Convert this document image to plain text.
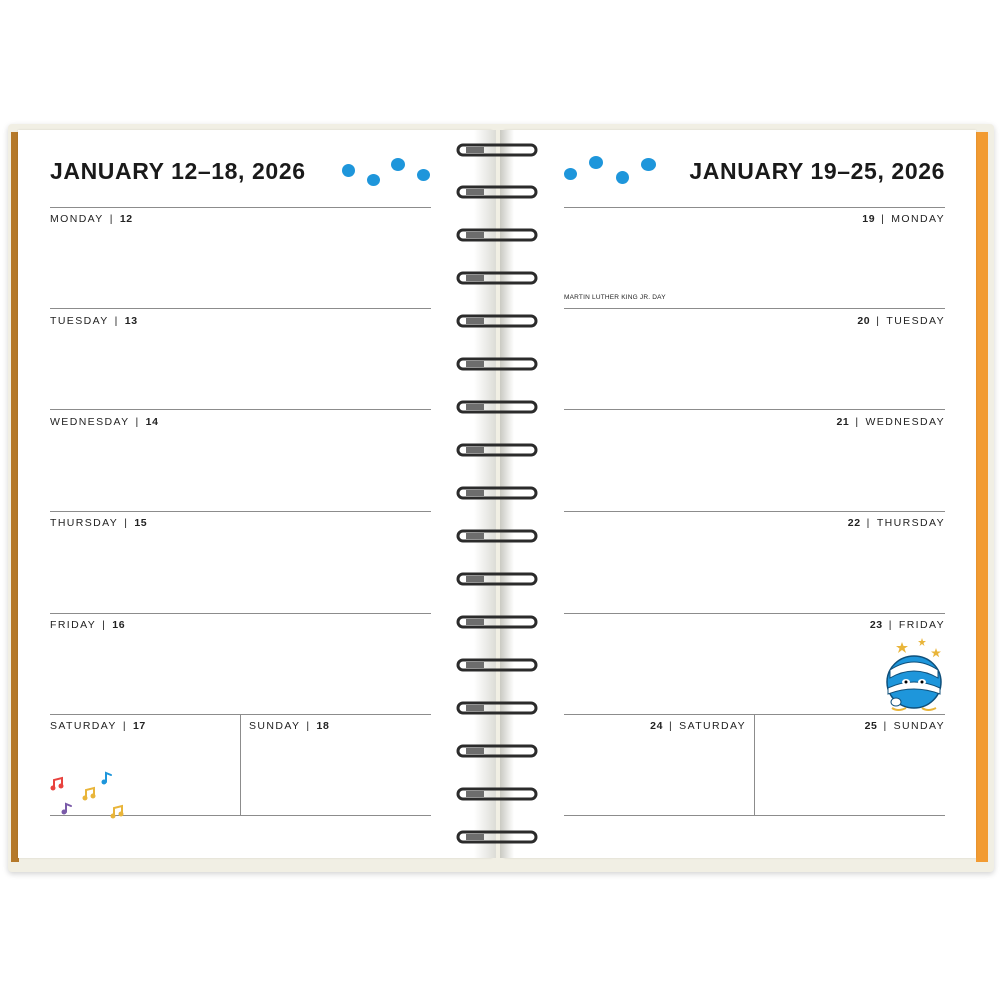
JANUARY 12–18, 2026	JANUARY 19–25, 2026
MONDAY | 12
TUESDAY | 13
WEDNESDAY | 14
THURSDAY | 15
FRIDAY | 16
SATURDAY | 17	SUNDAY | 18
19 | MONDAY
MARTIN LUTHER KING JR. DAY
20 | TUESDAY
21 | WEDNESDAY
22 | THURSDAY
23 | FRIDAY
24 | SATURDAY	25 | SUNDAY
